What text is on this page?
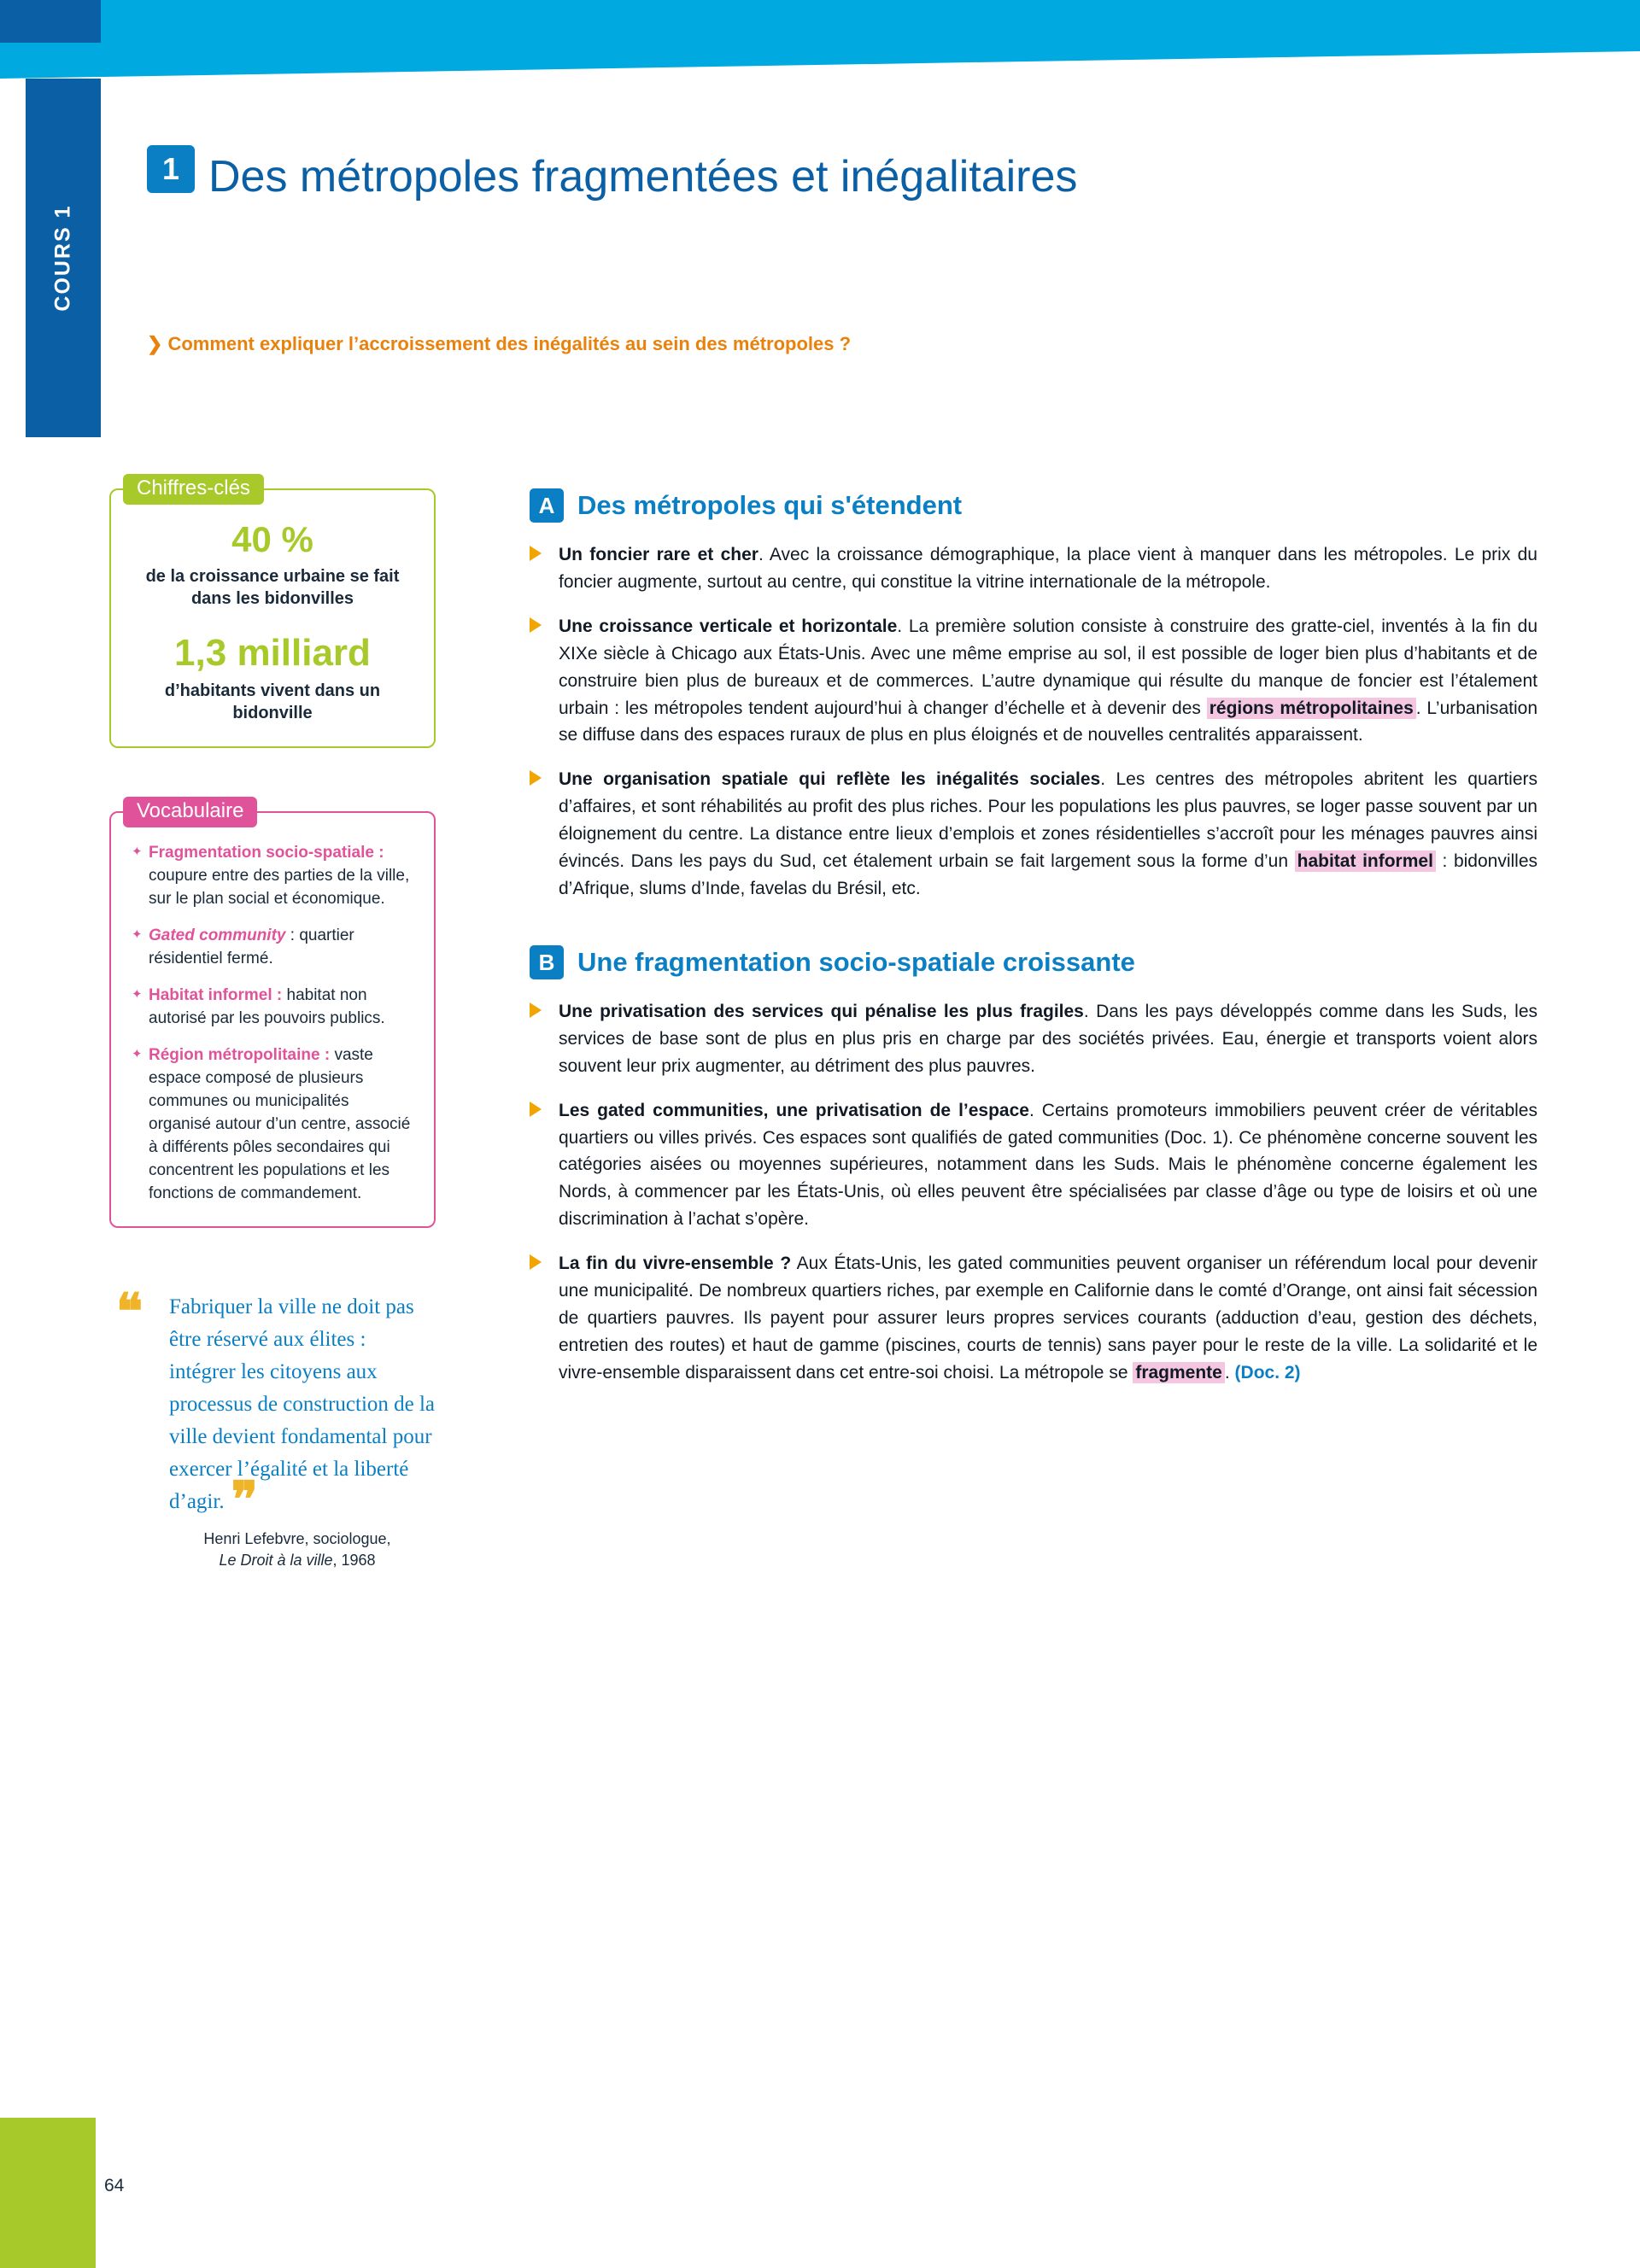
COURS 1
1 Des métropoles fragmentées et inégalitaires
❯ Comment expliquer l’accroissement des inégalités au sein des métropoles ?
Chiffres-clés
40 %
de la croissance urbaine se fait dans les bidonvilles
1,3 milliard
d’habitants vivent dans un bidonville
Vocabulaire
✦ Fragmentation socio-spatiale : coupure entre des parties de la ville, sur le plan social et économique.
✦ Gated community : quartier résidentiel fermé.
✦ Habitat informel : habitat non autorisé par les pouvoirs publics.
✦ Région métropolitaine : vaste espace composé de plusieurs communes ou municipalités organisé autour d’un centre, associé à différents pôles secondaires qui concentrent les populations et les fonctions de commandement.
❝	Fabriquer la ville ne doit pas être réservé aux élites : intégrer les citoyens aux processus de construction de la ville devient fondamental pour exercer l’égalité et la liberté d’agir. ❞
Henri Lefebvre, sociologue,
Le Droit à la ville, 1968
A Des métropoles qui s'étendent
Un foncier rare et cher. Avec la croissance démographique, la place vient à manquer dans les métropoles. Le prix du foncier augmente, surtout au centre, qui constitue la vitrine internationale de la métropole.
Une croissance verticale et horizontale. La première solution consiste à construire des gratte-ciel, inventés à la fin du XIXe siècle à Chicago aux États-Unis. Avec une même emprise au sol, il est possible de loger bien plus d’habitants et de construire bien plus de bureaux et de commerces. L’autre dynamique qui résulte du manque de foncier est l’étalement urbain : les métropoles tendent aujourd’hui à changer d’échelle et à devenir des régions métropolitaines . L’urbanisation se diffuse dans des espaces ruraux de plus en plus éloignés et de nouvelles centralités apparaissent.
Une organisation spatiale qui reflète les inégalités sociales. Les centres des métropoles abritent les quartiers d’affaires, et sont réhabilités au profit des plus riches. Pour les populations les plus pauvres, se loger passe souvent par un éloignement du centre. La distance entre lieux d’emplois et zones résidentielles s’accroît pour les ménages pauvres ainsi évincés. Dans les pays du Sud, cet étalement urbain se fait largement sous la forme d’un habitat informel : bidonvilles d’Afrique, slums d’Inde, favelas du Brésil, etc.
B Une fragmentation socio-spatiale croissante
Une privatisation des services qui pénalise les plus fragiles. Dans les pays développés comme dans les Suds, les services de base sont de plus en plus pris en charge par des sociétés privées. Eau, énergie et transports voient alors souvent leur prix augmenter, au détriment des plus pauvres.
Les gated communities, une privatisation de l’espace. Certains promoteurs immobiliers peuvent créer de véritables quartiers ou villes privés. Ces espaces sont qualifiés de gated communities (Doc. 1). Ce phénomène concerne souvent les catégories aisées ou moyennes supérieures, notamment dans les Suds. Mais le phénomène concerne également les Nords, à commencer par les États-Unis, où elles peuvent être spécialisées par classe d’âge ou type de loisirs et où une discrimination à l’achat s’opère.
La fin du vivre-ensemble ? Aux États-Unis, les gated communities peuvent organiser un référendum local pour devenir une municipalité. De nombreux quartiers riches, par exemple en Californie dans le comté d’Orange, ont ainsi fait sécession de quartiers pauvres. Ils payent pour assurer leurs propres services courants (adduction d’eau, gestion des déchets, entretien des routes) et haut de gamme (piscines, courts de tennis) sans payer pour le reste de la ville. La solidarité et le vivre-ensemble disparaissent dans cet entre-soi choisi. La métropole se fragmente . (Doc. 2)
64
